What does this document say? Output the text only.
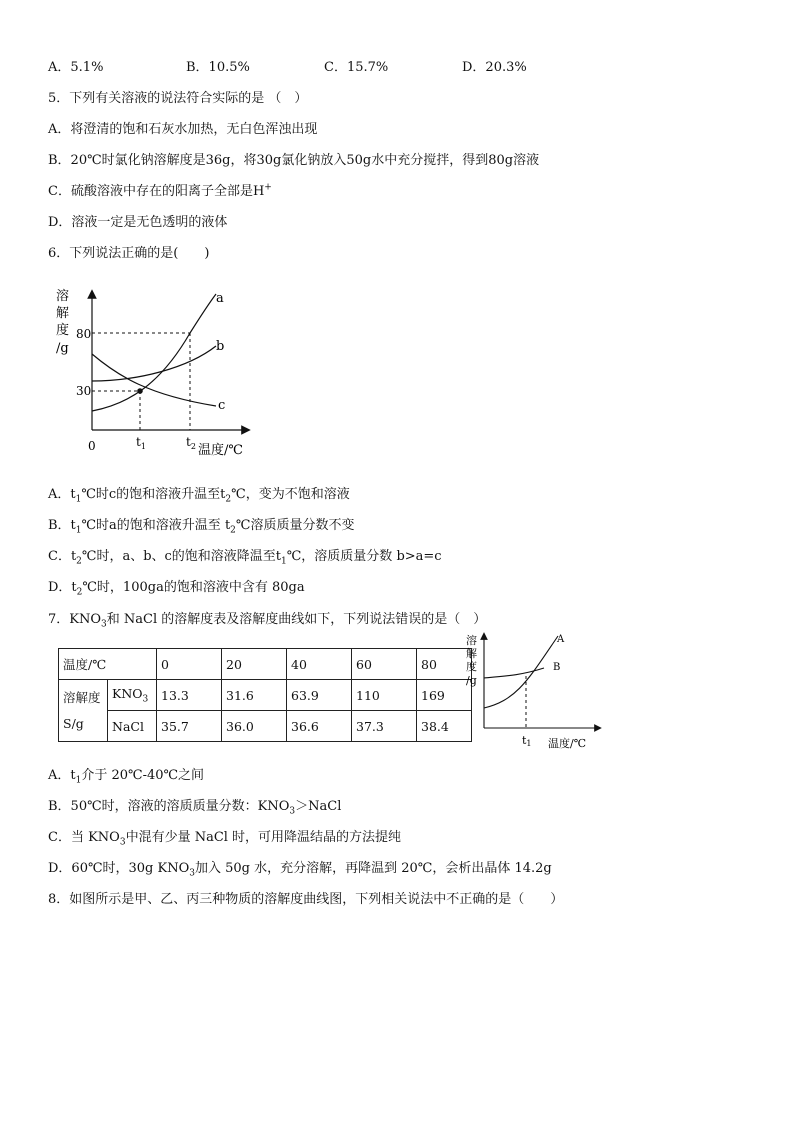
A．5.1%	B．10.5%	C．15.7%	D．20.3%
5．下列有关溶液的说法符合实际的是 （　）
A．将澄清的饱和石灰水加热，无白色浑浊出现
B．20℃时氯化钠溶解度是36g，将30g氯化钠放入50g水中充分搅拌，得到80g溶液
C．硫酸溶液中存在的阳离子全部是H+
D．溶液一定是无色透明的液体
6．下列说法正确的是(　　)
溶
解
度
/g
0
80
30
a
b
c
$t_1$	$t_2$ 温度/℃
A．$t_1℃$时c的饱和溶液升温至$t_2℃$，变为不饱和溶液
B．$t_1℃$时a的饱和溶液升温至 $t_2℃$溶质质量分数不变
C．$t_2℃$时，a、b、c的饱和溶液降温至$t_1℃$，溶质质量分数 b>a=c
D．$t_2℃$时，100ga的饱和溶液中含有 80ga
7．$KNO_3$和 NaCl 的溶解度表及溶解度曲线如下，下列说法错误的是（　）
温度/℃		0	20	40	60	80
溶解度
S/g	$KNO_3$	13.3	31.6	63.9	110	169
	NaCl	35.7	36.0	36.6	37.3	38.4
溶
解
度
/g
A
B
t1 温度/℃
A．$t_1$介于 20℃-40℃之间
B．50℃时，溶液的溶质质量分数：$KNO_3>NaCl$
C．当 $KNO_3$中混有少量 NaCl 时，可用降温结晶的方法提纯
D．60℃时，30g $KNO_3$加入 50g 水，充分溶解，再降温到 20℃，会析出晶体 14.2g
8．如图所示是甲、乙、丙三种物质的溶解度曲线图，下列相关说法中不正确的是（　　）
